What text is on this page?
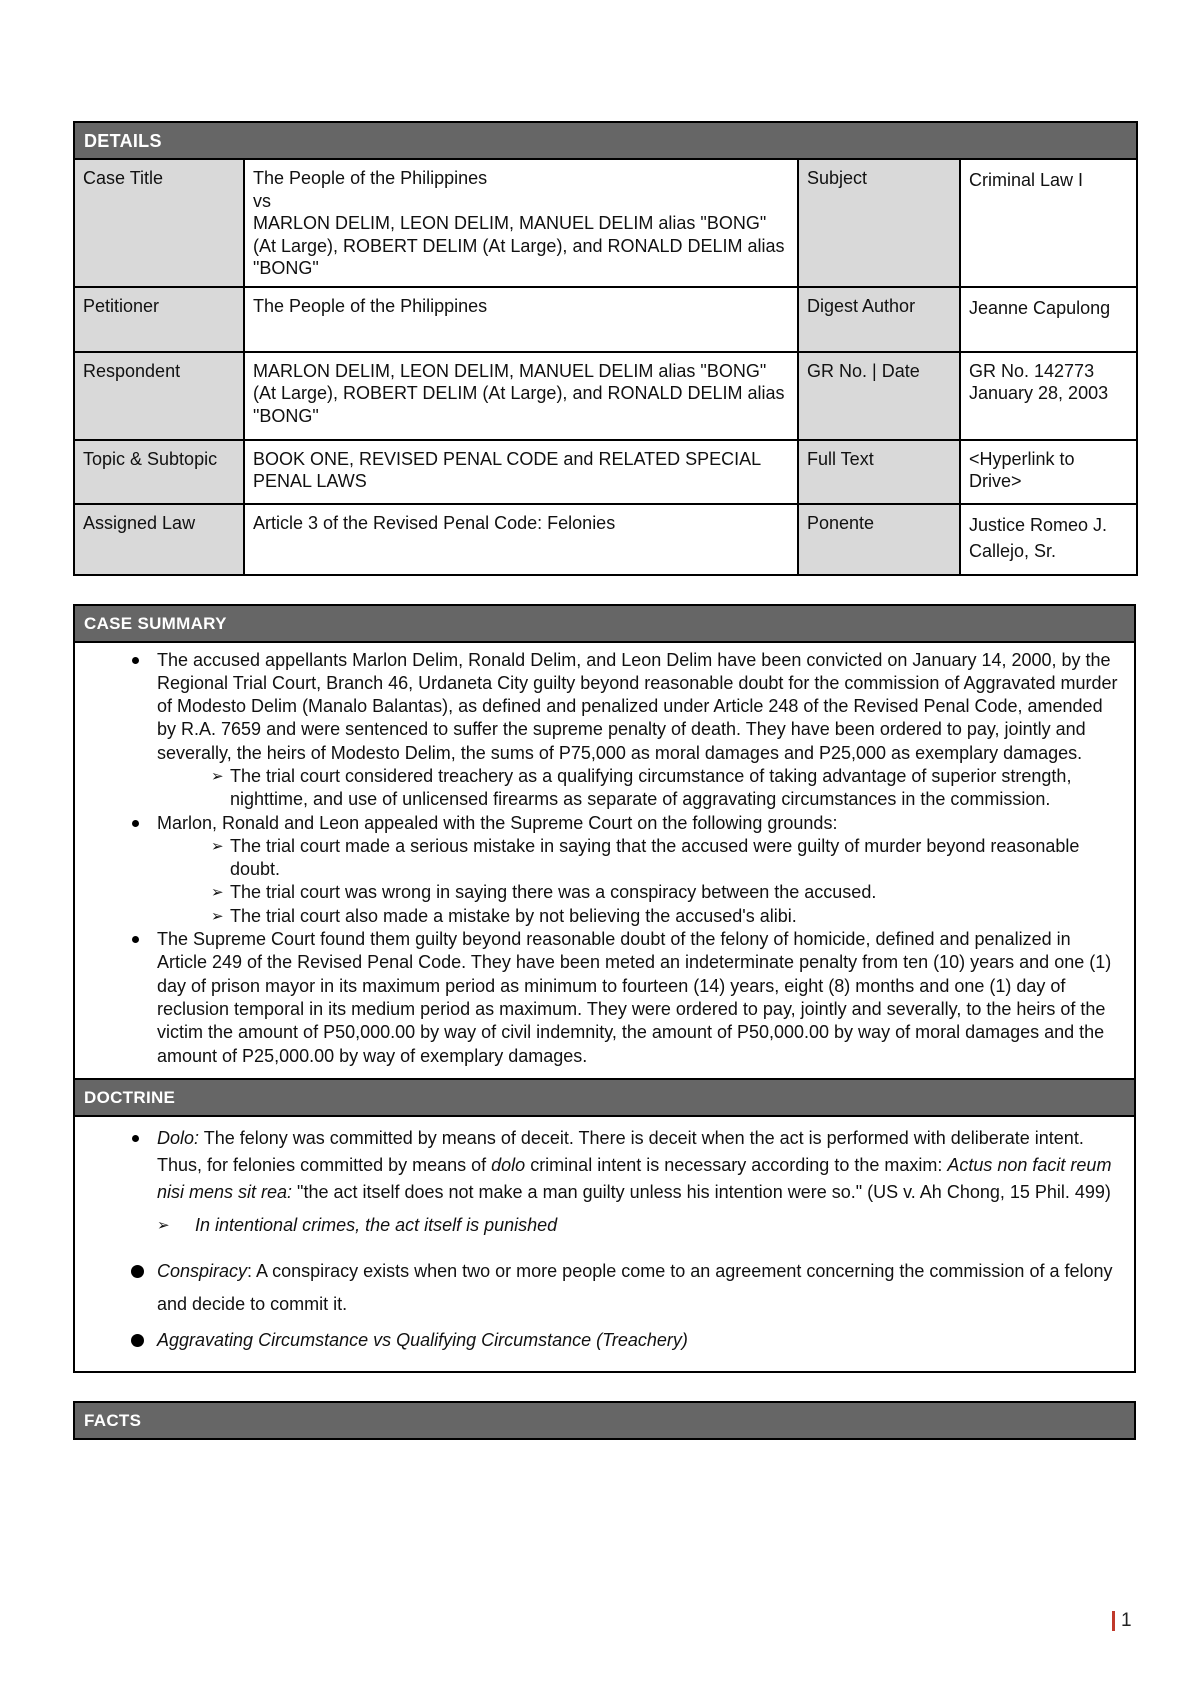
DETAILS			
Case Title	The People of the Philippines
vs
MARLON DELIM, LEON DELIM, MANUEL DELIM alias "BONG" (At Large), ROBERT DELIM (At Large), and RONALD DELIM alias "BONG"	Subject	Criminal Law I
Petitioner	The People of the Philippines	Digest Author	Jeanne Capulong
Respondent	MARLON DELIM, LEON DELIM, MANUEL DELIM alias "BONG" (At Large), ROBERT DELIM (At Large), and RONALD DELIM alias "BONG"	GR No. | Date	GR No. 142773
January 28, 2003

Topic & Subtopic	BOOK ONE, REVISED PENAL CODE and RELATED SPECIAL PENAL LAWS	Full Text	<Hyperlink to Drive>
Assigned Law	Article 3 of the Revised Penal Code: Felonies	Ponente	Justice Romeo J. Callejo, Sr.
CASE SUMMARY
The accused appellants Marlon Delim, Ronald Delim, and Leon Delim have been convicted on January 14, 2000, by the Regional Trial Court, Branch 46, Urdaneta City guilty beyond reasonable doubt for the commission of Aggravated murder of Modesto Delim (Manalo Balantas), as defined and penalized under Article 248 of the Revised Penal Code, amended by R.A. 7659 and were sentenced to suffer the supreme penalty of death. They have been ordered to pay, jointly and severally, the heirs of Modesto Delim, the sums of P75,000 as moral damages and P25,000 as exemplary damages.
➢ The trial court considered treachery as a qualifying circumstance of taking advantage of superior strength, nighttime, and use of unlicensed firearms as separate of aggravating circumstances in the commission.
Marlon, Ronald and Leon appealed with the Supreme Court on the following grounds:
➢ The trial court made a serious mistake in saying that the accused were guilty of murder beyond reasonable doubt.
➢ The trial court was wrong in saying there was a conspiracy between the accused.
➢ The trial court also made a mistake by not believing the accused's alibi.
The Supreme Court found them guilty beyond reasonable doubt of the felony of homicide, defined and penalized in Article 249 of the Revised Penal Code. They have been meted an indeterminate penalty from ten (10) years and one (1) day of prison mayor in its maximum period as minimum to fourteen (14) years, eight (8) months and one (1) day of reclusion temporal in its medium period as maximum. They were ordered to pay, jointly and severally, to the heirs of the victim the amount of P50,000.00 by way of civil indemnity, the amount of P50,000.00 by way of moral damages and the amount of P25,000.00 by way of exemplary damages.
DOCTRINE
Dolo: The felony was committed by means of deceit. There is deceit when the act is performed with deliberate intent. Thus, for felonies committed by means of dolo criminal intent is necessary according to the maxim: Actus non facit reum nisi mens sit rea: "the act itself does not make a man guilty unless his intention were so." (US v. Ah Chong, 15 Phil. 499)
➢ In intentional crimes, the act itself is punished
Conspiracy: A conspiracy exists when two or more people come to an agreement concerning the commission of a felony and decide to commit it.
Aggravating Circumstance vs Qualifying Circumstance (Treachery)
FACTS
1
